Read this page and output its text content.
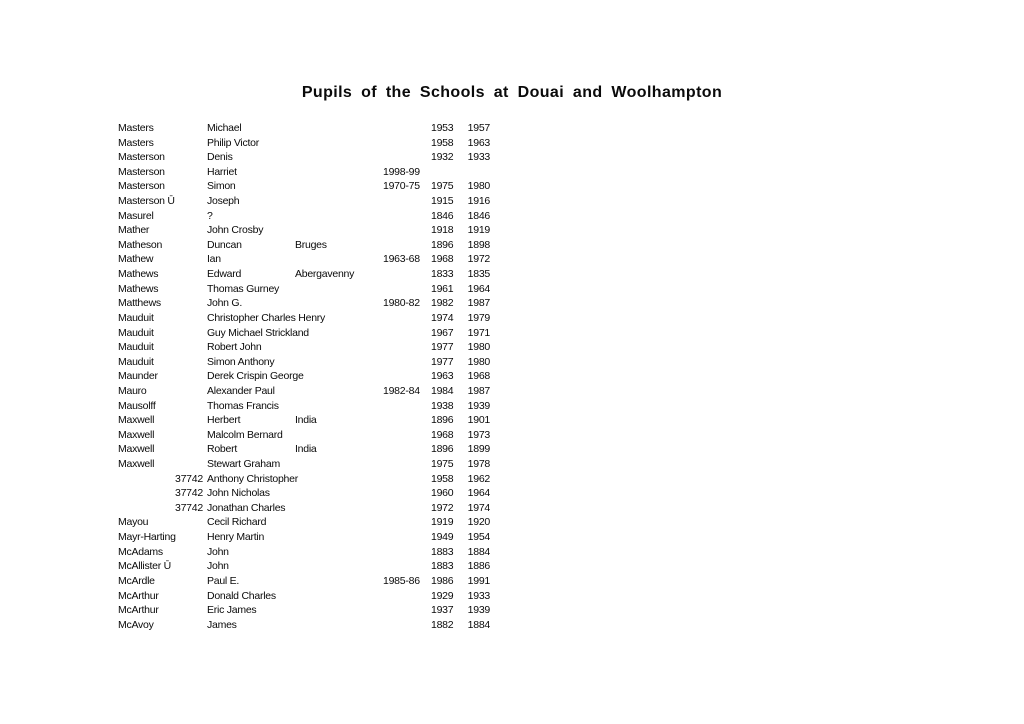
Pupils of the Schools at Douai and Woolhampton
Masters	Michael	1953	1957
Masters	Philip Victor	1958	1963
Masterson	Denis	1932	1933
Masterson	Harriet	1998-99
Masterson	Simon	1970-75	1975	1980
Masterson Ū	Joseph	1915	1916
Masurel	?	1846	1846
Mather	John Crosby	1918	1919
Matheson	Duncan	Bruges	1896	1898
Mathew	Ian	1963-68	1968	1972
Mathews	Edward	Abergavenny	1833	1835
Mathews	Thomas Gurney	1961	1964
Matthews	John G.	1980-82	1982	1987
Mauduit	Christopher Charles Henry	1974	1979
Mauduit	Guy Michael Strickland	1967	1971
Mauduit	Robert John	1977	1980
Mauduit	Simon Anthony	1977	1980
Maunder	Derek Crispin George	1963	1968
Mauro	Alexander Paul	1982-84	1984	1987
Mausolff	Thomas Francis	1938	1939
Maxwell	Herbert	India	1896	1901
Maxwell	Malcolm Bernard	1968	1973
Maxwell	Robert	India	1896	1899
Maxwell	Stewart Graham	1975	1978
37742 Anthony Christopher	1958	1962
37742 John Nicholas	1960	1964
37742 Jonathan Charles	1972	1974
Mayou	Cecil Richard	1919	1920
Mayr-Harting	Henry Martin	1949	1954
McAdams	John	1883	1884
McAllister Ū	John	1883	1886
McArdle	Paul E.	1985-86	1986	1991
McArthur	Donald Charles	1929	1933
McArthur	Eric James	1937	1939
McAvoy	James	1882	1884
